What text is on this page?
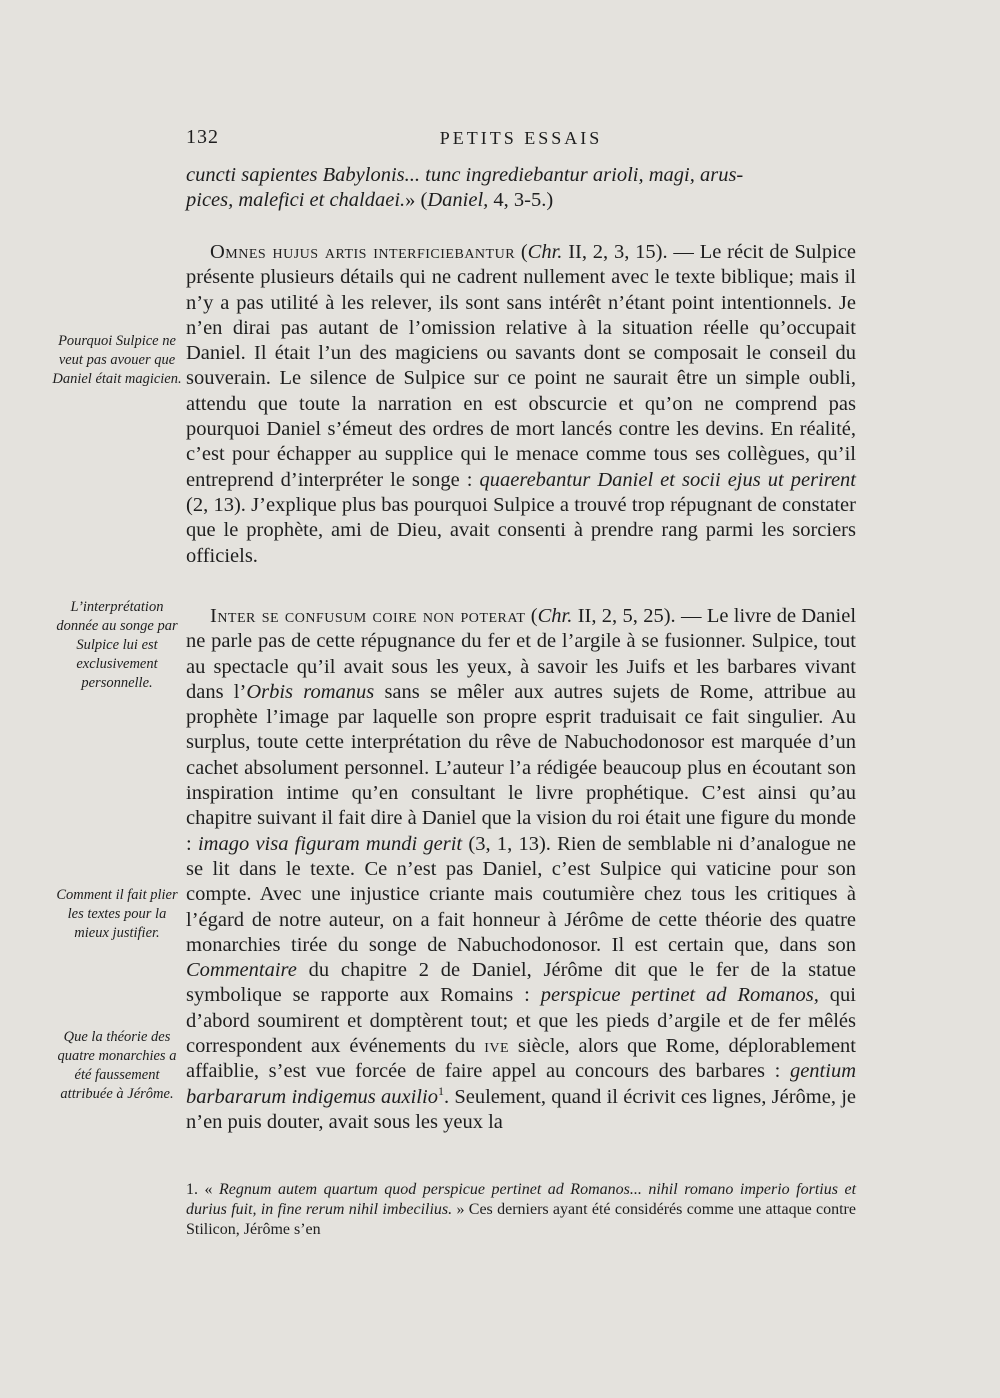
132	PETITS ESSAIS

cuncti sapientes Babylonis... tunc ingrediebantur arioli, magi, arus-

pices, malefici et chaldaei.» (Daniel, 4, 3-5.)

Omnes hujus artis interficiebantur (Chr. II, 2, 3, 15). — Le récit de Sulpice présente plusieurs détails qui ne cadrent nullement avec le texte biblique; mais il n’y a pas utilité à les relever, ils sont sans intérêt n’étant point intentionnels. Je n’en dirai pas autant de l’omission relative à la situation réelle qu’occupait Daniel. Il était l’un des magiciens ou savants dont se composait le conseil du souverain. Le silence de Sulpice sur ce point ne saurait être un simple oubli, attendu que toute la narration en est obscurcie et qu’on ne comprend pas pourquoi Daniel s’émeut des ordres de mort lancés contre les devins. En réalité, c’est pour échapper au supplice qui le menace comme tous ses collègues, qu’il entreprend d’interpréter le songe : quaerebantur Daniel et socii ejus ut perirent (2, 13). J’explique plus bas pourquoi Sulpice a trouvé trop répugnant de constater que le prophète, ami de Dieu, avait consenti à prendre rang parmi les sorciers officiels.

Inter se confusum coire non poterat (Chr. II, 2, 5, 25). — Le livre de Daniel ne parle pas de cette répugnance du fer et de l’argile à se fusionner. Sulpice, tout au spectacle qu’il avait sous les yeux, à savoir les Juifs et les barbares vivant dans l’Orbis romanus sans se mêler aux autres sujets de Rome, attribue au prophète l’image par laquelle son propre esprit traduisait ce fait singulier. Au surplus, toute cette interprétation du rêve de Nabuchodonosor est marquée d’un cachet absolument personnel. L’auteur l’a rédigée beaucoup plus en écoutant son inspiration intime qu’en consultant le livre prophétique. C’est ainsi qu’au chapitre suivant il fait dire à Daniel que la vision du roi était une figure du monde : imago visa figuram mundi gerit (3, 1, 13). Rien de semblable ni d’analogue ne se lit dans le texte. Ce n’est pas Daniel, c’est Sulpice qui vaticine pour son compte. Avec une injustice criante mais coutumière chez tous les critiques à l’égard de notre auteur, on a fait honneur à Jérôme de cette théorie des quatre monarchies tirée du songe de Nabuchodonosor. Il est certain que, dans son Commentaire du chapitre 2 de Daniel, Jérôme dit que le fer de la statue symbolique se rapporte aux Romains : perspicue pertinet ad Romanos, qui d’abord soumirent et domptèrent tout; et que les pieds d’argile et de fer mêlés correspondent aux événements du ive siècle, alors que Rome, déplorablement affaiblie, s’est vue forcée de faire appel au concours des barbares : gentium barbararum indigemus auxilio$^1$. Seulement, quand il écrivit ces lignes, Jérôme, je n’en puis douter, avait sous les yeux la

Pourquoi Sulpice ne veut pas avouer que Daniel était magicien.
L’interprétation donnée au songe par Sulpice lui est exclusivement personnelle.
Comment il fait plier les textes pour la mieux justifier.
Que la théorie des quatre monarchies a été faussement attribuée à Jérôme.
1. « Regnum autem quartum quod perspicue pertinet ad Romanos... nihil romano imperio fortius et durius fuit, in fine rerum nihil imbecilius. » Ces derniers ayant été considérés comme une attaque contre Stilicon, Jérôme s’en
